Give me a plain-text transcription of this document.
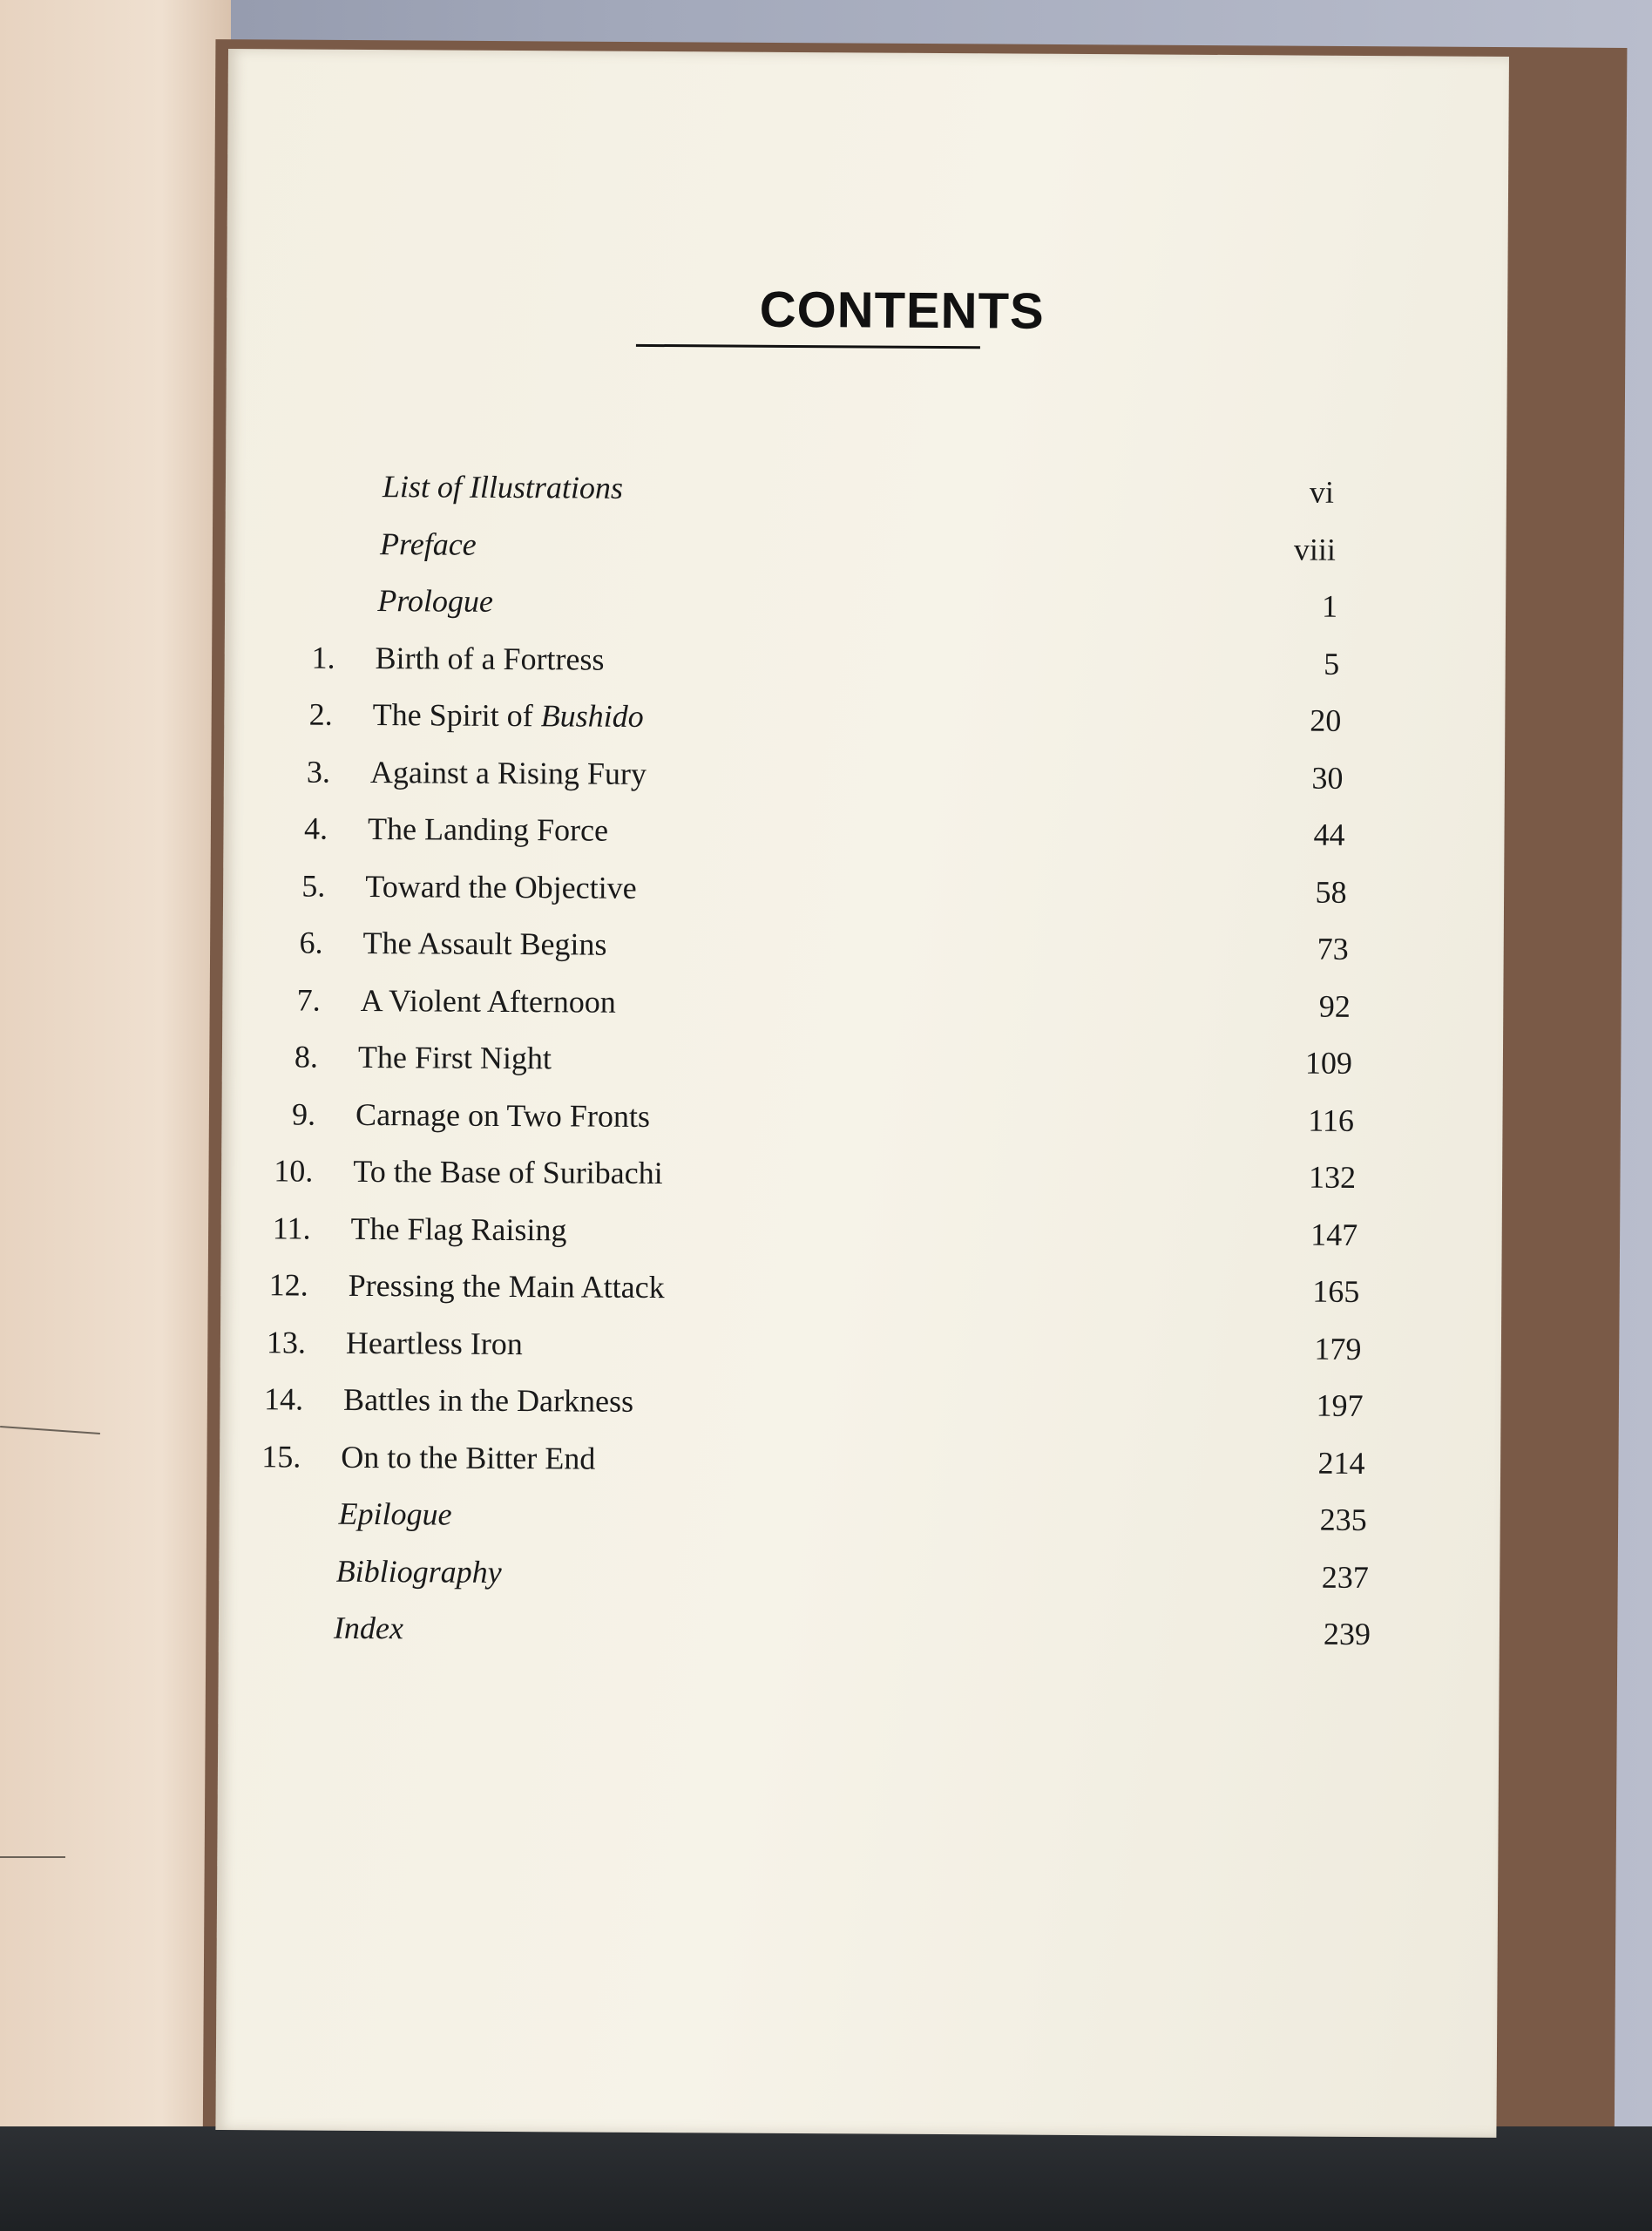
CONTENTS
List of Illustrations	vi
Preface	viii
Prologue	1
1. Birth of a Fortress	5
2. The Spirit of Bushido	20
3. Against a Rising Fury	30
4. The Landing Force	44
5. Toward the Objective	58
6. The Assault Begins	73
7. A Violent Afternoon	92
8. The First Night	109
9. Carnage on Two Fronts	116
10. To the Base of Suribachi	132
11. The Flag Raising	147
12. Pressing the Main Attack	165
13. Heartless Iron	179
14. Battles in the Darkness	197
15. On to the Bitter End	214
Epilogue	235
Bibliography	237
Index	239
